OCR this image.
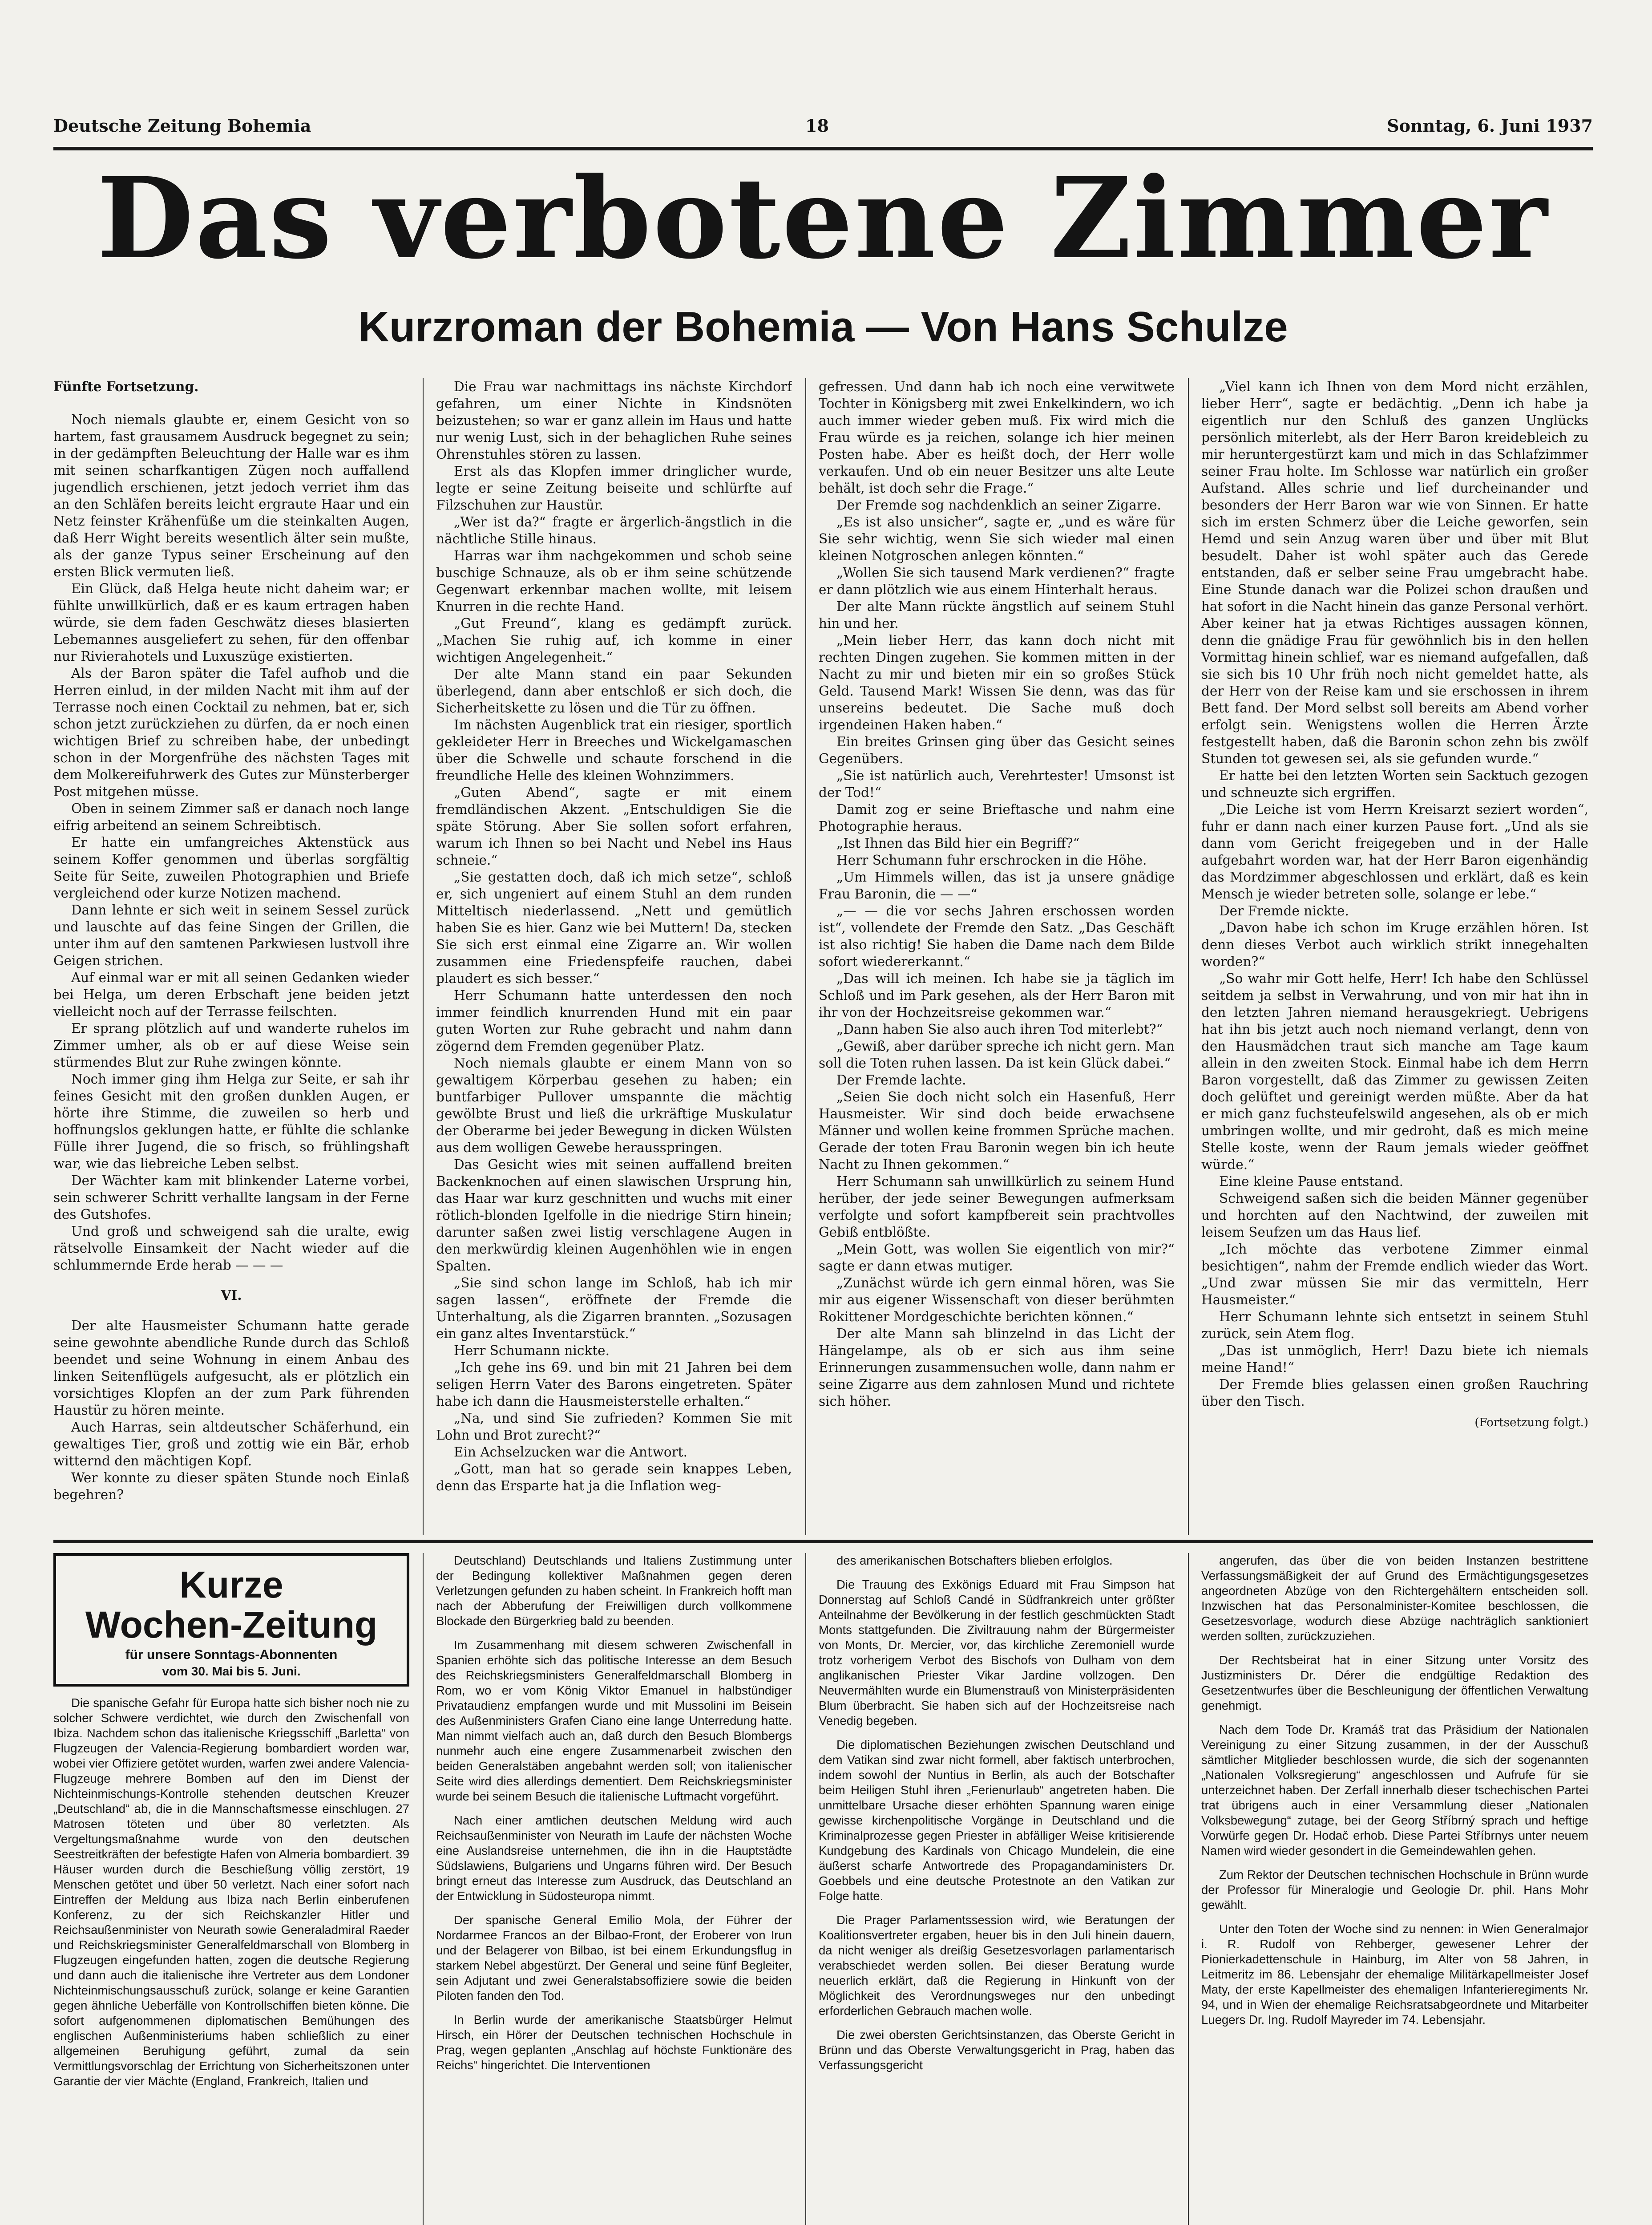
Deutsche Zeitung Bohemia	18	Sonntag, 6. Juni 1937
Das verbotene Zimmer
Kurzroman der Bohemia — Von Hans Schulze

Fünfte Fortsetzung.

Noch niemals glaubte er, einem Gesicht von so hartem, fast grausamem Ausdruck begegnet zu sein; in der gedämpften Beleuchtung der Halle war es ihm mit seinen scharfkantigen Zügen noch auffallend jugendlich erschienen, jetzt jedoch verriet ihm das an den Schläfen bereits leicht ergraute Haar und ein Netz feinster Krähenfüße um die steinkalten Augen, daß Herr Wight bereits wesentlich älter sein mußte, als der ganze Typus seiner Erscheinung auf den ersten Blick vermuten ließ.

Ein Glück, daß Helga heute nicht daheim war; er fühlte unwillkürlich, daß er es kaum ertragen haben würde, sie dem faden Geschwätz dieses blasierten Lebemannes ausgeliefert zu sehen, für den offenbar nur Rivierahotels und Luxuszüge existierten.

Als der Baron später die Tafel aufhob und die Herren einlud, in der milden Nacht mit ihm auf der Terrasse noch einen Cocktail zu nehmen, bat er, sich schon jetzt zurückziehen zu dürfen, da er noch einen wichtigen Brief zu schreiben habe, der unbedingt schon in der Morgenfrühe des nächsten Tages mit dem Molkereifuhrwerk des Gutes zur Münsterberger Post mitgehen müsse.

Oben in seinem Zimmer saß er danach noch lange eifrig arbeitend an seinem Schreibtisch.

Er hatte ein umfangreiches Aktenstück aus seinem Koffer genommen und überlas sorgfältig Seite für Seite, zuweilen Photographien und Briefe vergleichend oder kurze Notizen machend.

Dann lehnte er sich weit in seinem Sessel zurück und lauschte auf das feine Singen der Grillen, die unter ihm auf den samtenen Parkwiesen lustvoll ihre Geigen strichen.

Auf einmal war er mit all seinen Gedanken wieder bei Helga, um deren Erbschaft jene beiden jetzt vielleicht noch auf der Terrasse feilschten.

Er sprang plötzlich auf und wanderte ruhelos im Zimmer umher, als ob er auf diese Weise sein stürmendes Blut zur Ruhe zwingen könnte.

Noch immer ging ihm Helga zur Seite, er sah ihr feines Gesicht mit den großen dunklen Augen, er hörte ihre Stimme, die zuweilen so herb und hoffnungslos geklungen hatte, er fühlte die schlanke Fülle ihrer Jugend, die so frisch, so frühlingshaft war, wie das liebreiche Leben selbst.

Der Wächter kam mit blinkender Laterne vorbei, sein schwerer Schritt verhallte langsam in der Ferne des Gutshofes.

Und groß und schweigend sah die uralte, ewig rätselvolle Einsamkeit der Nacht wieder auf die schlummernde Erde herab — — —

VI.

Der alte Hausmeister Schumann hatte gerade seine gewohnte abendliche Runde durch das Schloß beendet und seine Wohnung in einem Anbau des linken Seitenflügels aufgesucht, als er plötzlich ein vorsichtiges Klopfen an der zum Park führenden Haustür zu hören meinte.

Auch Harras, sein altdeutscher Schäferhund, ein gewaltiges Tier, groß und zottig wie ein Bär, erhob witternd den mächtigen Kopf.

Wer konnte zu dieser späten Stunde noch Einlaß begehren?

Die Frau war nachmittags ins nächste Kirchdorf gefahren, um einer Nichte in Kindsnöten beizustehen; so war er ganz allein im Haus und hatte nur wenig Lust, sich in der behaglichen Ruhe seines Ohrenstuhles stören zu lassen.

Erst als das Klopfen immer dringlicher wurde, legte er seine Zeitung beiseite und schlürfte auf Filzschuhen zur Haustür.

„Wer ist da?“ fragte er ärgerlich-ängstlich in die nächtliche Stille hinaus.

Harras war ihm nachgekommen und schob seine buschige Schnauze, als ob er ihm seine schützende Gegenwart erkennbar machen wollte, mit leisem Knurren in die rechte Hand.

„Gut Freund“, klang es gedämpft zurück. „Machen Sie ruhig auf, ich komme in einer wichtigen Angelegenheit.“

Der alte Mann stand ein paar Sekunden überlegend, dann aber entschloß er sich doch, die Sicherheitskette zu lösen und die Tür zu öffnen.

Im nächsten Augenblick trat ein riesiger, sportlich gekleideter Herr in Breeches und Wickelgamaschen über die Schwelle und schaute forschend in die freundliche Helle des kleinen Wohnzimmers.

„Guten Abend“, sagte er mit einem fremdländischen Akzent. „Entschuldigen Sie die späte Störung. Aber Sie sollen sofort erfahren, warum ich Ihnen so bei Nacht und Nebel ins Haus schneie.“

„Sie gestatten doch, daß ich mich setze“, schloß er, sich ungeniert auf einem Stuhl an dem runden Mitteltisch niederlassend. „Nett und gemütlich haben Sie es hier. Ganz wie bei Muttern! Da, stecken Sie sich erst einmal eine Zigarre an. Wir wollen zusammen eine Friedenspfeife rauchen, dabei plaudert es sich besser.“

Herr Schumann hatte unterdessen den noch immer feindlich knurrenden Hund mit ein paar guten Worten zur Ruhe gebracht und nahm dann zögernd dem Fremden gegenüber Platz.

Noch niemals glaubte er einem Mann von so gewaltigem Körperbau gesehen zu haben; ein buntfarbiger Pullover umspannte die mächtig gewölbte Brust und ließ die urkräftige Muskulatur der Oberarme bei jeder Bewegung in dicken Wülsten aus dem wolligen Gewebe herausspringen.

Das Gesicht wies mit seinen auffallend breiten Backenknochen auf einen slawischen Ursprung hin, das Haar war kurz geschnitten und wuchs mit einer rötlich-blonden Igelfolle in die niedrige Stirn hinein; darunter saßen zwei listig verschlagene Augen in den merkwürdig kleinen Augenhöhlen wie in engen Spalten.

„Sie sind schon lange im Schloß, hab ich mir sagen lassen“, eröffnete der Fremde die Unterhaltung, als die Zigarren brannten. „Sozusagen ein ganz altes Inventarstück.“

Herr Schumann nickte.

„Ich gehe ins 69. und bin mit 21 Jahren bei dem seligen Herrn Vater des Barons eingetreten. Später habe ich dann die Hausmeisterstelle erhalten.“

„Na, und sind Sie zufrieden? Kommen Sie mit Lohn und Brot zurecht?“

Ein Achselzucken war die Antwort.

„Gott, man hat so gerade sein knappes Leben, denn das Ersparte hat ja die Inflation weg-

gefressen. Und dann hab ich noch eine verwitwete Tochter in Königsberg mit zwei Enkelkindern, wo ich auch immer wieder geben muß. Fix wird mich die Frau würde es ja reichen, solange ich hier meinen Posten habe. Aber es heißt doch, der Herr wolle verkaufen. Und ob ein neuer Besitzer uns alte Leute behält, ist doch sehr die Frage.“

Der Fremde sog nachdenklich an seiner Zigarre.

„Es ist also unsicher“, sagte er, „und es wäre für Sie sehr wichtig, wenn Sie sich wieder mal einen kleinen Notgroschen anlegen könnten.“

„Wollen Sie sich tausend Mark verdienen?“ fragte er dann plötzlich wie aus einem Hinterhalt heraus.

Der alte Mann rückte ängstlich auf seinem Stuhl hin und her.

„Mein lieber Herr, das kann doch nicht mit rechten Dingen zugehen. Sie kommen mitten in der Nacht zu mir und bieten mir ein so großes Stück Geld. Tausend Mark! Wissen Sie denn, was das für unsereins bedeutet. Die Sache muß doch irgendeinen Haken haben.“

Ein breites Grinsen ging über das Gesicht seines Gegenübers.

„Sie ist natürlich auch, Verehrtester! Umsonst ist der Tod!“

Damit zog er seine Brieftasche und nahm eine Photographie heraus.

„Ist Ihnen das Bild hier ein Begriff?“

Herr Schumann fuhr erschrocken in die Höhe.

„Um Himmels willen, das ist ja unsere gnädige Frau Baronin, die — —“

„— — die vor sechs Jahren erschossen worden ist“, vollendete der Fremde den Satz. „Das Geschäft ist also richtig! Sie haben die Dame nach dem Bilde sofort wiedererkannt.“

„Das will ich meinen. Ich habe sie ja täglich im Schloß und im Park gesehen, als der Herr Baron mit ihr von der Hochzeitsreise gekommen war.“

„Dann haben Sie also auch ihren Tod miterlebt?“

„Gewiß, aber darüber spreche ich nicht gern. Man soll die Toten ruhen lassen. Da ist kein Glück dabei.“

Der Fremde lachte.

„Seien Sie doch nicht solch ein Hasenfuß, Herr Hausmeister. Wir sind doch beide erwachsene Männer und wollen keine frommen Sprüche machen. Gerade der toten Frau Baronin wegen bin ich heute Nacht zu Ihnen gekommen.“

Herr Schumann sah unwillkürlich zu seinem Hund herüber, der jede seiner Bewegungen aufmerksam verfolgte und sofort kampfbereit sein prachtvolles Gebiß entblößte.

„Mein Gott, was wollen Sie eigentlich von mir?“ sagte er dann etwas mutiger.

„Zunächst würde ich gern einmal hören, was Sie mir aus eigener Wissenschaft von dieser berühmten Rokittener Mordgeschichte berichten können.“

Der alte Mann sah blinzelnd in das Licht der Hängelampe, als ob er sich aus ihm seine Erinnerungen zusammensuchen wolle, dann nahm er seine Zigarre aus dem zahnlosen Mund und richtete sich höher.

„Viel kann ich Ihnen von dem Mord nicht erzählen, lieber Herr“, sagte er bedächtig. „Denn ich habe ja eigentlich nur den Schluß des ganzen Unglücks persönlich miterlebt, als der Herr Baron kreidebleich zu mir heruntergestürzt kam und mich in das Schlafzimmer seiner Frau holte. Im Schlosse war natürlich ein großer Aufstand. Alles schrie und lief durcheinander und besonders der Herr Baron war wie von Sinnen. Er hatte sich im ersten Schmerz über die Leiche geworfen, sein Hemd und sein Anzug waren über und über mit Blut besudelt. Daher ist wohl später auch das Gerede entstanden, daß er selber seine Frau umgebracht habe. Eine Stunde danach war die Polizei schon draußen und hat sofort in die Nacht hinein das ganze Personal verhört. Aber keiner hat ja etwas Richtiges aussagen können, denn die gnädige Frau für gewöhnlich bis in den hellen Vormittag hinein schlief, war es niemand aufgefallen, daß sie sich bis 10 Uhr früh noch nicht gemeldet hatte, als der Herr von der Reise kam und sie erschossen in ihrem Bett fand. Der Mord selbst soll bereits am Abend vorher erfolgt sein. Wenigstens wollen die Herren Ärzte festgestellt haben, daß die Baronin schon zehn bis zwölf Stunden tot gewesen sei, als sie gefunden wurde.“

Er hatte bei den letzten Worten sein Sacktuch gezogen und schneuzte sich ergriffen.

„Die Leiche ist vom Herrn Kreisarzt seziert worden“, fuhr er dann nach einer kurzen Pause fort. „Und als sie dann vom Gericht freigegeben und in der Halle aufgebahrt worden war, hat der Herr Baron eigenhändig das Mordzimmer abgeschlossen und erklärt, daß es kein Mensch je wieder betreten solle, solange er lebe.“

Der Fremde nickte.

„Davon habe ich schon im Kruge erzählen hören. Ist denn dieses Verbot auch wirklich strikt innegehalten worden?“

„So wahr mir Gott helfe, Herr! Ich habe den Schlüssel seitdem ja selbst in Verwahrung, und von mir hat ihn in den letzten Jahren niemand herausgekriegt. Uebrigens hat ihn bis jetzt auch noch niemand verlangt, denn von den Hausmädchen traut sich manche am Tage kaum allein in den zweiten Stock. Einmal habe ich dem Herrn Baron vorgestellt, daß das Zimmer zu gewissen Zeiten doch gelüftet und gereinigt werden müßte. Aber da hat er mich ganz fuchsteufelswild angesehen, als ob er mich umbringen wollte, und mir gedroht, daß es mich meine Stelle koste, wenn der Raum jemals wieder geöffnet würde.“

Eine kleine Pause entstand.

Schweigend saßen sich die beiden Männer gegenüber und horchten auf den Nachtwind, der zuweilen mit leisem Seufzen um das Haus lief.

„Ich möchte das verbotene Zimmer einmal besichtigen“, nahm der Fremde endlich wieder das Wort. „Und zwar müssen Sie mir das vermitteln, Herr Hausmeister.“

Herr Schumann lehnte sich entsetzt in seinem Stuhl zurück, sein Atem flog.

„Das ist unmöglich, Herr! Dazu biete ich niemals meine Hand!“

Der Fremde blies gelassen einen großen Rauchring über den Tisch.

(Fortsetzung folgt.)

Kurze
Wochen-Zeitung
für unsere Sonntags-Abonnenten
vom 30. Mai bis 5. Juni.

Die spanische Gefahr für Europa hatte sich bisher noch nie zu solcher Schwere verdichtet, wie durch den Zwischenfall von Ibiza. Nachdem schon das italienische Kriegsschiff „Barletta“ von Flugzeugen der Valencia-Regierung bombardiert worden war, wobei vier Offiziere getötet wurden, warfen zwei andere Valencia-Flugzeuge mehrere Bomben auf den im Dienst der Nichteinmischungs-Kontrolle stehenden deutschen Kreuzer „Deutschland“ ab, die in die Mannschaftsmesse einschlugen. 27 Matrosen töteten und über 80 verletzten. Als Vergeltungsmaßnahme wurde von den deutschen Seestreitkräften der befestigte Hafen von Almeria bombardiert. 39 Häuser wurden durch die Beschießung völlig zerstört, 19 Menschen getötet und über 50 verletzt. Nach einer sofort nach Eintreffen der Meldung aus Ibiza nach Berlin einberufenen Konferenz, zu der sich Reichskanzler Hitler und Reichsaußenminister von Neurath sowie Generaladmiral Raeder und Reichskriegsminister Generalfeldmarschall von Blomberg in Flugzeugen eingefunden hatten, zogen die deutsche Regierung und dann auch die italienische ihre Vertreter aus dem Londoner Nichteinmischungsausschuß zurück, solange er keine Garantien gegen ähnliche Ueberfälle von Kontrollschiffen bieten könne. Die sofort aufgenommenen diplomatischen Bemühungen des englischen Außenministeriums haben schließlich zu einer allgemeinen Beruhigung geführt, zumal da sein Vermittlungsvorschlag der Errichtung von Sicherheitszonen unter Garantie der vier Mächte (England, Frankreich, Italien und

Deutschland) Deutschlands und Italiens Zustimmung unter der Bedingung kollektiver Maßnahmen gegen deren Verletzungen gefunden zu haben scheint. In Frankreich hofft man nach der Abberufung der Freiwilligen durch vollkommene Blockade den Bürgerkrieg bald zu beenden.

Im Zusammenhang mit diesem schweren Zwischenfall in Spanien erhöhte sich das politische Interesse an dem Besuch des Reichskriegsministers Generalfeldmarschall Blomberg in Rom, wo er vom König Viktor Emanuel in halbstündiger Privataudienz empfangen wurde und mit Mussolini im Beisein des Außenministers Grafen Ciano eine lange Unterredung hatte. Man nimmt vielfach auch an, daß durch den Besuch Blombergs nunmehr auch eine engere Zusammenarbeit zwischen den beiden Generalstäben angebahnt werden soll; von italienischer Seite wird dies allerdings dementiert. Dem Reichskriegsminister wurde bei seinem Besuch die italienische Luftmacht vorgeführt.

Nach einer amtlichen deutschen Meldung wird auch Reichsaußenminister von Neurath im Laufe der nächsten Woche eine Auslandsreise unternehmen, die ihn in die Hauptstädte Südslawiens, Bulgariens und Ungarns führen wird. Der Besuch bringt erneut das Interesse zum Ausdruck, das Deutschland an der Entwicklung in Südosteuropa nimmt.

Der spanische General Emilio Mola, der Führer der Nordarmee Francos an der Bilbao-Front, der Eroberer von Irun und der Belagerer von Bilbao, ist bei einem Erkundungsflug in starkem Nebel abgestürzt. Der General und seine fünf Begleiter, sein Adjutant und zwei Generalstabsoffiziere sowie die beiden Piloten fanden den Tod.

In Berlin wurde der amerikanische Staatsbürger Helmut Hirsch, ein Hörer der Deutschen technischen Hochschule in Prag, wegen geplanten „Anschlag auf höchste Funktionäre des Reichs“ hingerichtet. Die Interventionen

des amerikanischen Botschafters blieben erfolglos.

Die Trauung des Exkönigs Eduard mit Frau Simpson hat Donnerstag auf Schloß Candé in Südfrankreich unter größter Anteilnahme der Bevölkerung in der festlich geschmückten Stadt Monts stattgefunden. Die Ziviltrauung nahm der Bürgermeister von Monts, Dr. Mercier, vor, das kirchliche Zeremoniell wurde trotz vorherigem Verbot des Bischofs von Dulham von dem anglikanischen Priester Vikar Jardine vollzogen. Den Neuvermählten wurde ein Blumenstrauß von Ministerpräsidenten Blum überbracht. Sie haben sich auf der Hochzeitsreise nach Venedig begeben.

Die diplomatischen Beziehungen zwischen Deutschland und dem Vatikan sind zwar nicht formell, aber faktisch unterbrochen, indem sowohl der Nuntius in Berlin, als auch der Botschafter beim Heiligen Stuhl ihren „Ferienurlaub“ angetreten haben. Die unmittelbare Ursache dieser erhöhten Spannung waren einige gewisse kirchenpolitische Vorgänge in Deutschland und die Kriminalprozesse gegen Priester in abfälliger Weise kritisierende Kundgebung des Kardinals von Chicago Mundelein, die eine äußerst scharfe Antwortrede des Propagandaministers Dr. Goebbels und eine deutsche Protestnote an den Vatikan zur Folge hatte.

Die Prager Parlamentssession wird, wie Beratungen der Koalitionsvertreter ergaben, heuer bis in den Juli hinein dauern, da nicht weniger als dreißig Gesetzesvorlagen parlamentarisch verabschiedet werden sollen. Bei dieser Beratung wurde neuerlich erklärt, daß die Regierung in Hinkunft von der Möglichkeit des Verordnungsweges nur den unbedingt erforderlichen Gebrauch machen wolle.

Die zwei obersten Gerichtsinstanzen, das Oberste Gericht in Brünn und das Oberste Verwaltungsgericht in Prag, haben das Verfassungsgericht

angerufen, das über die von beiden Instanzen bestrittene Verfassungsmäßigkeit der auf Grund des Ermächtigungsgesetzes angeordneten Abzüge von den Richtergehältern entscheiden soll. Inzwischen hat das Personalminister-Komitee beschlossen, die Gesetzesvorlage, wodurch diese Abzüge nachträglich sanktioniert werden sollten, zurückzuziehen.

Der Rechtsbeirat hat in einer Sitzung unter Vorsitz des Justizministers Dr. Dérer die endgültige Redaktion des Gesetzentwurfes über die Beschleunigung der öffentlichen Verwaltung genehmigt.

Nach dem Tode Dr. Kramáš trat das Präsidium der Nationalen Vereinigung zu einer Sitzung zusammen, in der der Ausschuß sämtlicher Mitglieder beschlossen wurde, die sich der sogenannten „Nationalen Volksregierung“ angeschlossen und Aufrufe für sie unterzeichnet haben. Der Zerfall innerhalb dieser tschechischen Partei trat übrigens auch in einer Versammlung dieser „Nationalen Volksbewegung“ zutage, bei der Georg Stříbrný sprach und heftige Vorwürfe gegen Dr. Hodač erhob. Diese Partei Stříbrnys unter neuem Namen wird wieder gesondert in die Gemeindewahlen gehen.

Zum Rektor der Deutschen technischen Hochschule in Brünn wurde der Professor für Mineralogie und Geologie Dr. phil. Hans Mohr gewählt.

Unter den Toten der Woche sind zu nennen: in Wien Generalmajor i. R. Rudolf von Rehberger, gewesener Lehrer der Pionierkadettenschule in Hainburg, im Alter von 58 Jahren, in Leitmeritz im 86. Lebensjahr der ehemalige Militärkapellmeister Josef Maty, der erste Kapellmeister des ehemaligen Infanterieregiments Nr. 94, und in Wien der ehemalige Reichsratsabgeordnete und Mitarbeiter Luegers Dr. Ing. Rudolf Mayreder im 74. Lebensjahr.
